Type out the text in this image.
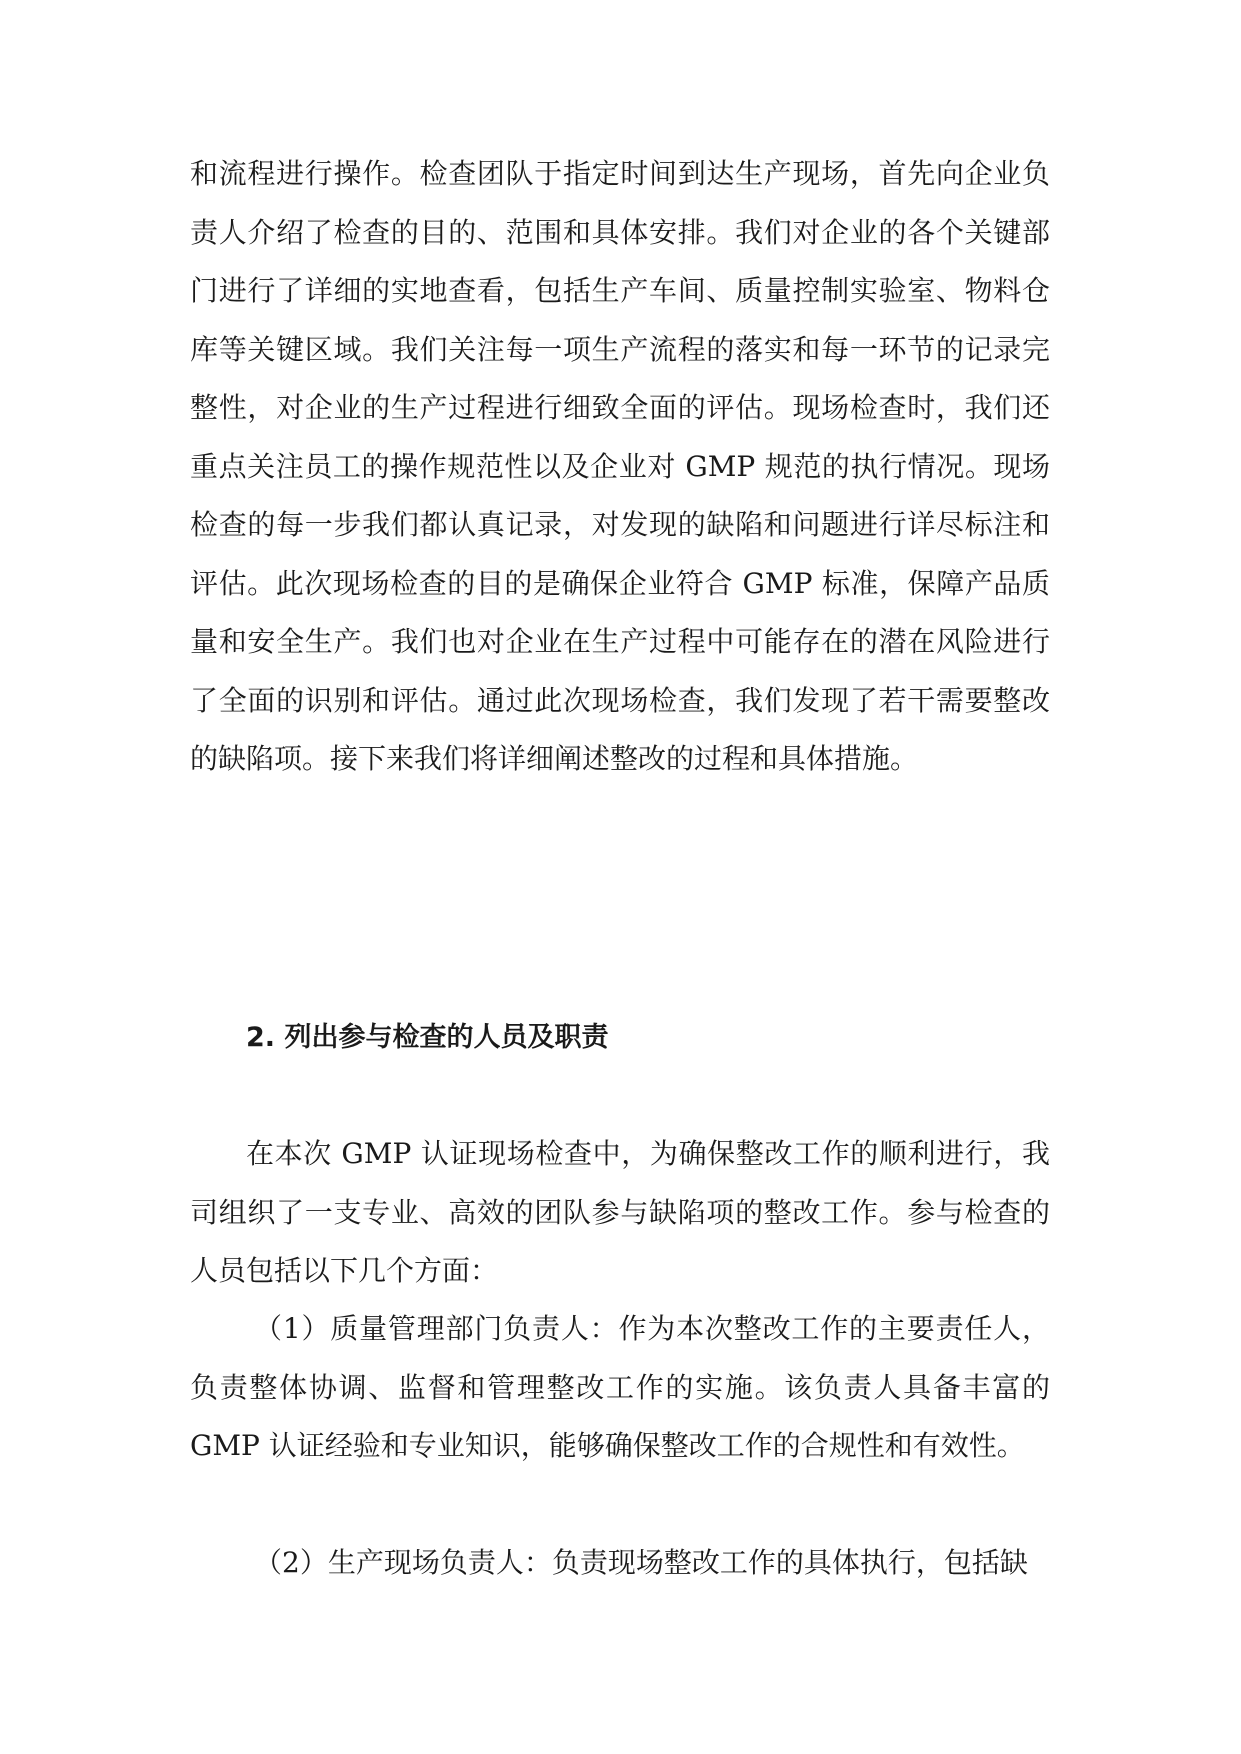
和流程进行操作。检查团队于指定时间到达生产现场，首先向企业负责人介绍了检查的目的、范围和具体安排。我们对企业的各个关键部门进行了详细的实地查看，包括生产车间、质量控制实验室、物料仓库等关键区域。我们关注每一项生产流程的落实和每一环节的记录完整性，对企业的生产过程进行细致全面的评估。现场检查时，我们还重点关注员工的操作规范性以及企业对 GMP 规范的执行情况。现场检查的每一步我们都认真记录，对发现的缺陷和问题进行详尽标注和评估。此次现场检查的目的是确保企业符合 GMP 标准，保障产品质量和安全生产。我们也对企业在生产过程中可能存在的潜在风险进行了全面的识别和评估。通过此次现场检查，我们发现了若干需要整改的缺陷项。接下来我们将详细阐述整改的过程和具体措施。

2. 列出参与检查的人员及职责

在本次 GMP 认证现场检查中，为确保整改工作的顺利进行，我司组织了一支专业、高效的团队参与缺陷项的整改工作。参与检查的人员包括以下几个方面：

（1）质量管理部门负责人：作为本次整改工作的主要责任人，负责整体协调、监督和管理整改工作的实施。该负责人具备丰富的 GMP 认证经验和专业知识，能够确保整改工作的合规性和有效性。

（2）生产现场负责人：负责现场整改工作的具体执行，包括缺
